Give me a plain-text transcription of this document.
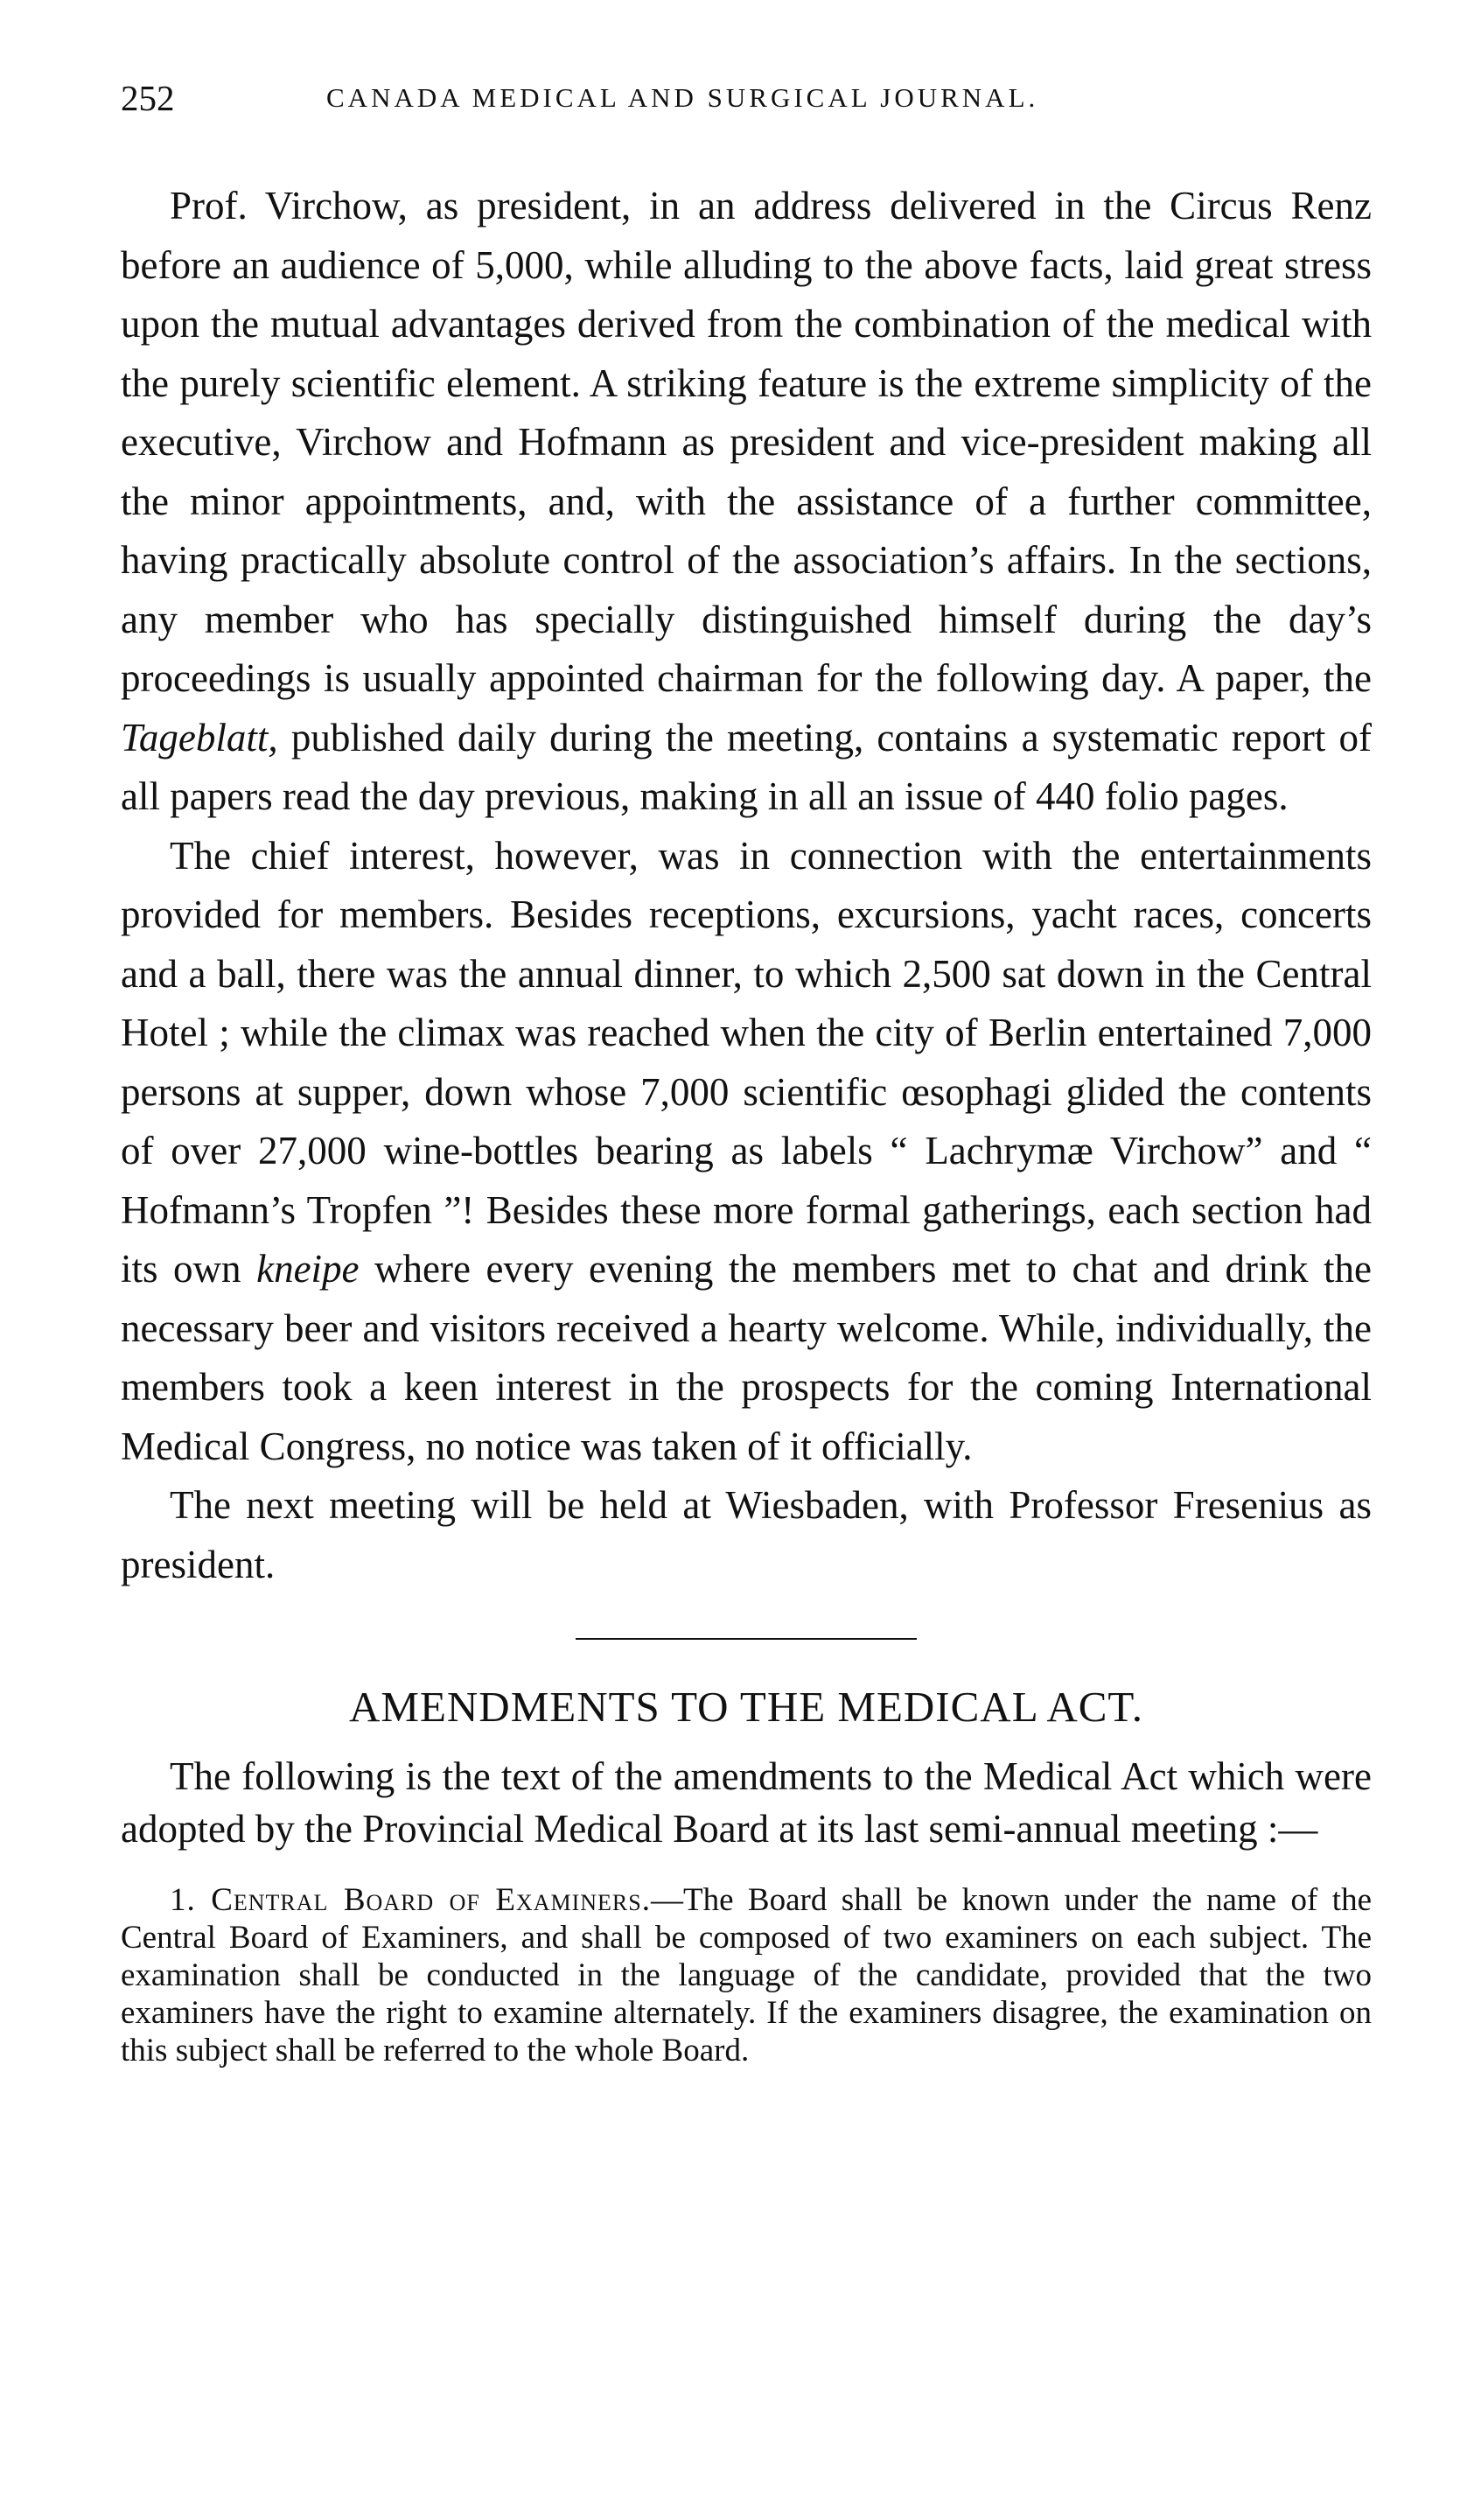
252	CANADA MEDICAL AND SURGICAL JOURNAL.

Prof. Virchow, as president, in an address delivered in the Circus Renz before an audience of 5,000, while alluding to the above facts, laid great stress upon the mutual advantages derived from the combination of the medical with the purely scientific element. A striking feature is the extreme simplicity of the executive, Virchow and Hofmann as president and vice-president making all the minor appointments, and, with the assistance of a further committee, having practically absolute control of the association’s affairs. In the sections, any member who has specially distinguished himself during the day’s proceedings is usually appointed chairman for the following day. A paper, the Tageblatt, published daily during the meeting, contains a systematic report of all papers read the day previous, making in all an issue of 440 folio pages.

The chief interest, however, was in connection with the entertainments provided for members. Besides receptions, excursions, yacht races, concerts and a ball, there was the annual dinner, to which 2,500 sat down in the Central Hotel ; while the climax was reached when the city of Berlin entertained 7,000 persons at supper, down whose 7,000 scientific œsophagi glided the contents of over 27,000 wine-bottles bearing as labels “ Lachrymæ Virchow” and “ Hofmann’s Tropfen ”! Besides these more formal gatherings, each section had its own kneipe where every evening the members met to chat and drink the necessary beer and visitors received a hearty welcome. While, individually, the members took a keen interest in the prospects for the coming International Medical Congress, no notice was taken of it officially.

The next meeting will be held at Wiesbaden, with Professor Fresenius as president.

AMENDMENTS TO THE MEDICAL ACT.

The following is the text of the amendments to the Medical Act which were adopted by the Provincial Medical Board at its last semi-annual meeting :—

1. Central Board of Examiners.—The Board shall be known under the name of the Central Board of Examiners, and shall be composed of two examiners on each subject. The examination shall be conducted in the language of the candidate, provided that the two examiners have the right to examine alternately. If the examiners disagree, the examination on this subject shall be referred to the whole Board.
